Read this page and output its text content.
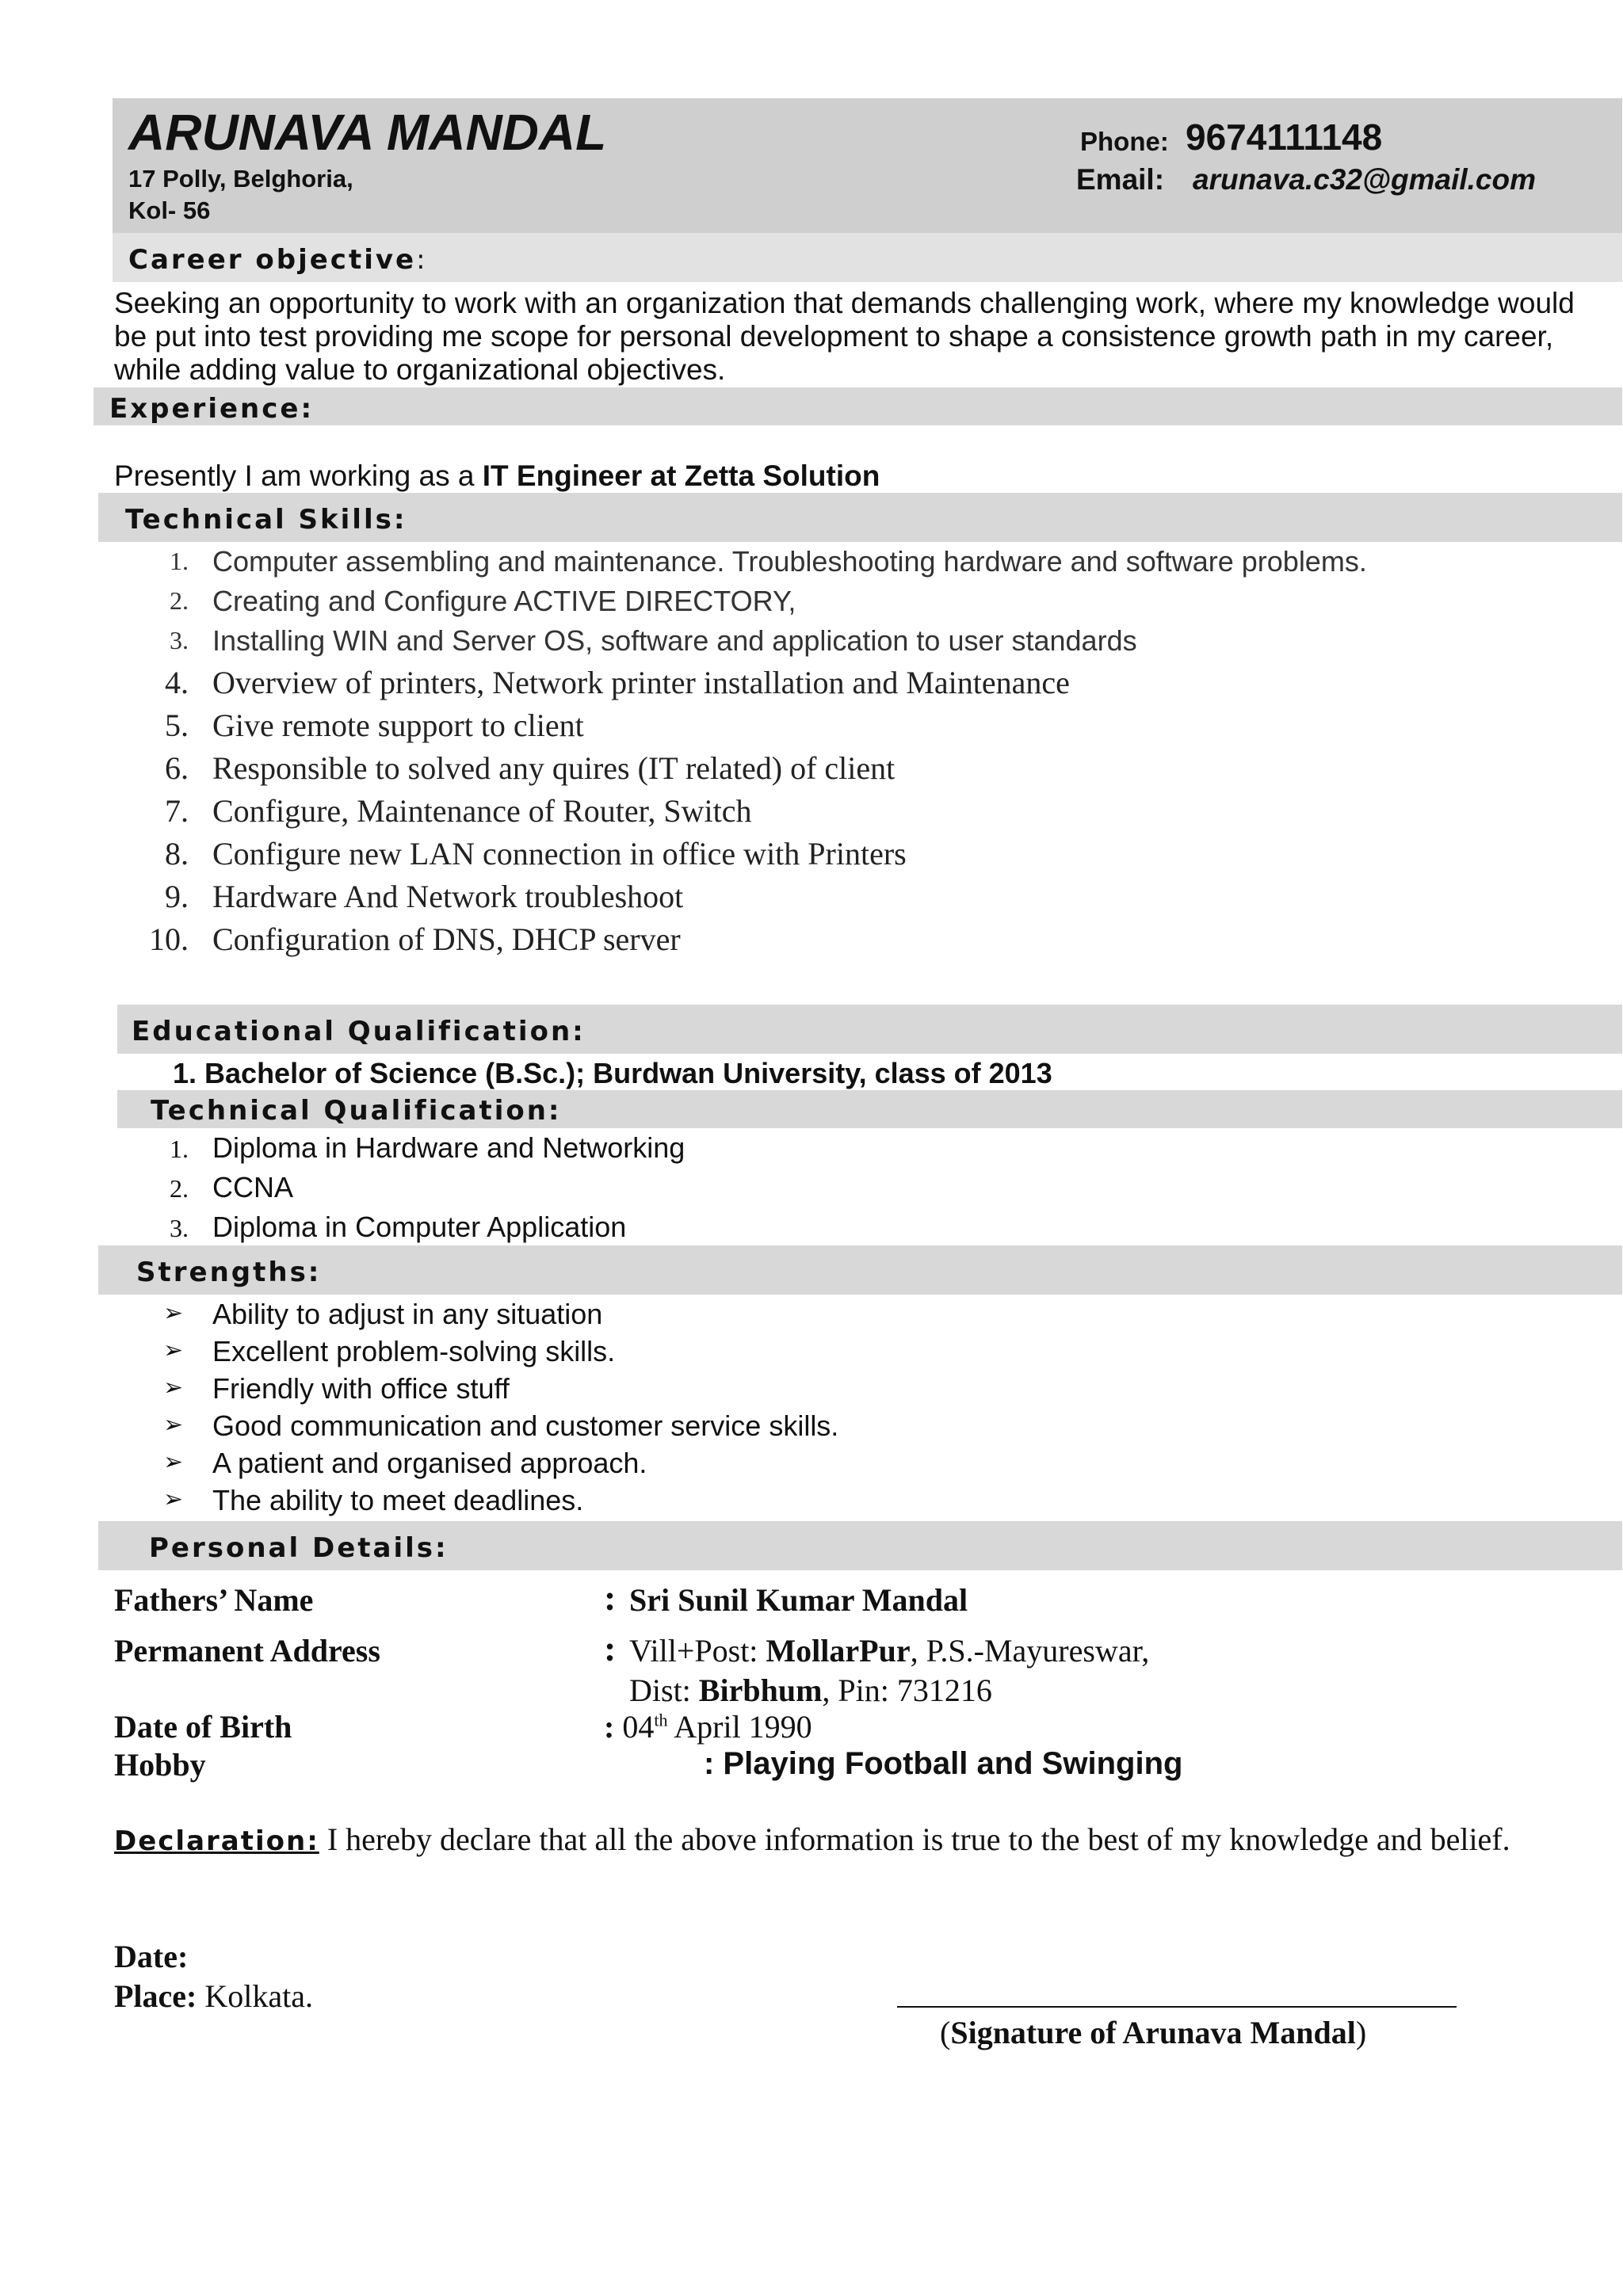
ARUNAVA MANDAL
17 Polly, Belghoria,
Kol- 56
Phone: 9674111148
Email: arunava.c32@gmail.com
Career objective:
Seeking an opportunity to work with an organization that demands challenging work, where my knowledge would
be put into test providing me scope for personal development to shape a consistence growth path in my career,
while adding value to organizational objectives.
Experience:
Presently I am working as a IT Engineer at Zetta Solution
Technical Skills:
1. Computer assembling and maintenance. Troubleshooting hardware and software problems.
2. Creating and Configure ACTIVE DIRECTORY,
3. Installing WIN and Server OS, software and application to user standards
4. Overview of printers, Network printer installation and Maintenance
5. Give remote support to client
6. Responsible to solved any quires (IT related) of client
7. Configure, Maintenance of Router, Switch
8. Configure new LAN connection in office with Printers
9. Hardware And Network troubleshoot
10. Configuration of DNS, DHCP server
Educational Qualification:
1. Bachelor of Science (B.Sc.); Burdwan University, class of 2013
Technical Qualification:
1. Diploma in Hardware and Networking
2. CCNA
3. Diploma in Computer Application
Strengths:
➢ Ability to adjust in any situation
➢ Excellent problem-solving skills.
➢ Friendly with office stuff
➢ Good communication and customer service skills.
➢ A patient and organised approach.
➢ The ability to meet deadlines.
Personal Details:
Fathers’ Name	: Sri Sunil Kumar Mandal
Permanent Address	: Vill+Post: MollarPur, P.S.-Mayureswar,
Dist: Birbhum, Pin: 731216
Date of Birth	: 04th April 1990
Hobby	: Playing Football and Swinging
Declaration: I hereby declare that all the above information is true to the best of my knowledge and belief.
Date:
Place: Kolkata.
(Signature of Arunava Mandal)
